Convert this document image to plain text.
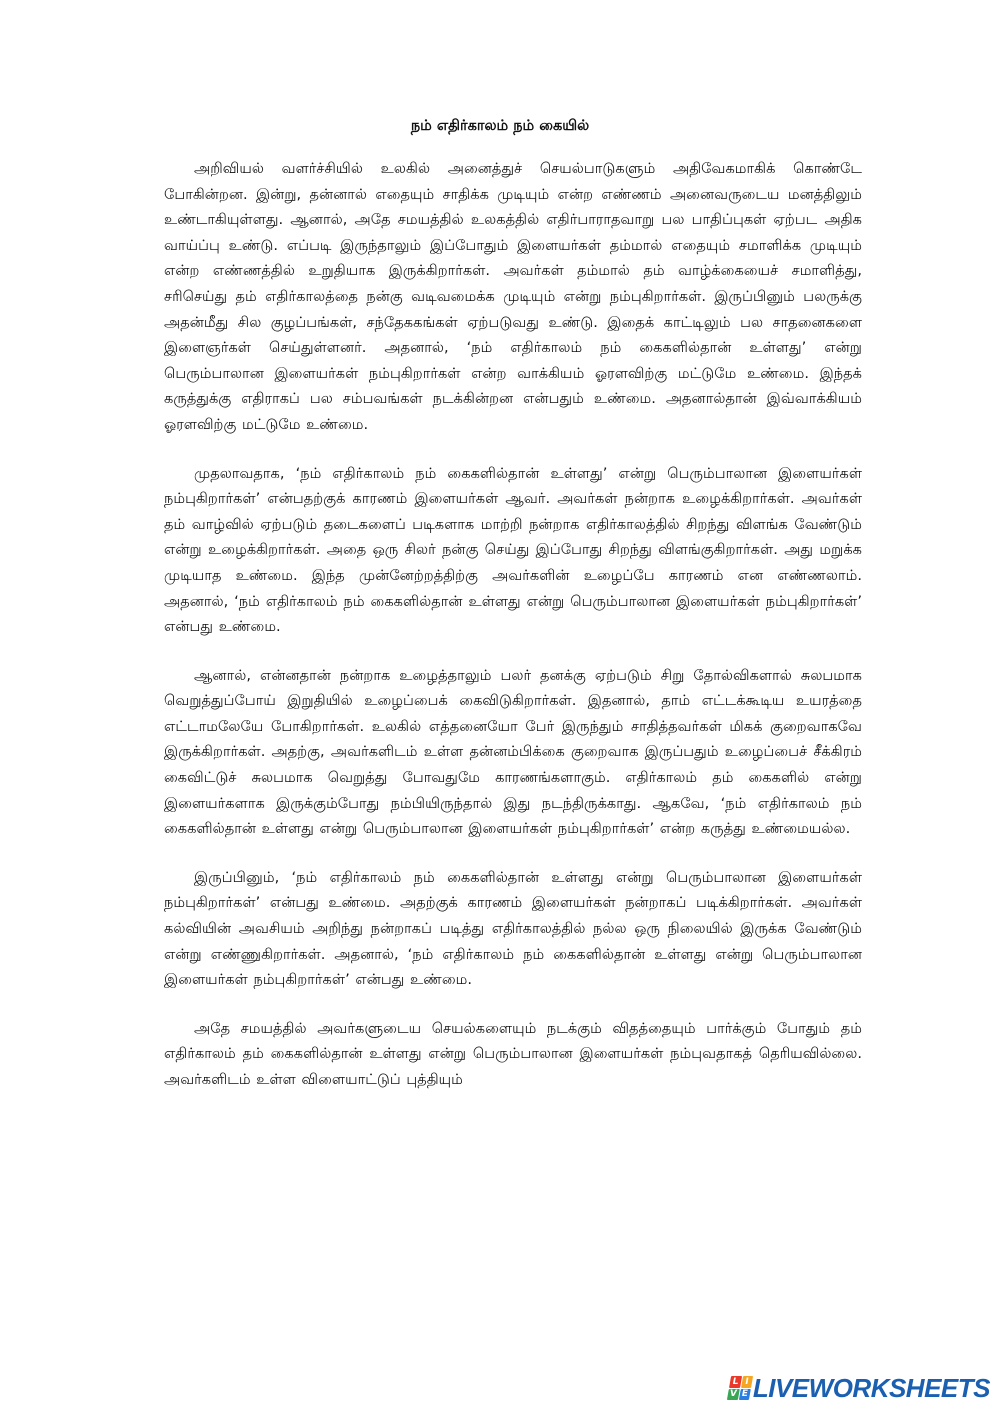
நம் எதிர்காலம் நம் கையில்

அறிவியல் வளர்ச்சியில் உலகில் அனைத்துச் செயல்பாடுகளும் அதிவேகமாகிக் கொண்டே போகின்றன. இன்று, தன்னால் எதையும் சாதிக்க முடியும் என்ற எண்ணம் அனைவருடைய மனத்திலும் உண்டாகியுள்ளது. ஆனால், அதே சமயத்தில் உலகத்தில் எதிர்பாராதவாறு பல பாதிப்புகள் ஏற்பட அதிக வாய்ப்பு உண்டு. எப்படி இருந்தாலும் இப்போதும் இளையர்கள் தம்மால் எதையும் சமாளிக்க முடியும் என்ற எண்ணத்தில் உறுதியாக இருக்கிறார்கள். அவர்கள் தம்மால் தம் வாழ்க்கையைச் சமாளித்து, சரிசெய்து தம் எதிர்காலத்தை நன்கு வடிவமைக்க முடியும் என்று நம்புகிறார்கள். இருப்பினும் பலருக்கு அதன்மீது சில குழப்பங்கள், சந்தேககங்கள் ஏற்படுவது உண்டு. இதைக் காட்டிலும் பல சாதனைகளை இளைஞர்கள் செய்துள்ளனர். அதனால், ‘நம் எதிர்காலம் நம் கைகளில்தான் உள்ளது’ என்று பெரும்பாலான இளையர்கள் நம்புகிறார்கள் என்ற வாக்கியம் ஓரளவிற்கு மட்டுமே உண்மை. இந்தக் கருத்துக்கு எதிராகப் பல சம்பவங்கள் நடக்கின்றன என்பதும் உண்மை. அதனால்தான் இவ்வாக்கியம் ஓரளவிற்கு மட்டுமே உண்மை.

முதலாவதாக, ‘நம் எதிர்காலம் நம் கைகளில்தான் உள்ளது’ என்று பெரும்பாலான இளையர்கள் நம்புகிறார்கள்’ என்பதற்குக் காரணம் இளையர்கள் ஆவர். அவர்கள் நன்றாக உழைக்கிறார்கள். அவர்கள் தம் வாழ்வில் ஏற்படும் தடைகளைப் படிகளாக மாற்றி நன்றாக எதிர்காலத்தில் சிறந்து விளங்க வேண்டும் என்று உழைக்கிறார்கள். அதை ஒரு சிலர் நன்கு செய்து இப்போது சிறந்து விளங்குகிறார்கள். அது மறுக்க முடியாத உண்மை. இந்த முன்னேற்றத்திற்கு அவர்களின் உழைப்பே காரணம் என எண்ணலாம். அதனால், ‘நம் எதிர்காலம் நம் கைகளில்தான் உள்ளது என்று பெரும்பாலான இளையர்கள் நம்புகிறார்கள்’ என்பது உண்மை.

ஆனால், என்னதான் நன்றாக உழைத்தாலும் பலர் தனக்கு ஏற்படும் சிறு தோல்விகளால் சுலபமாக வெறுத்துப்போய் இறுதியில் உழைப்பைக் கைவிடுகிறார்கள். இதனால், தாம் எட்டக்கூடிய உயரத்தை எட்டாமலேயே போகிறார்கள். உலகில் எத்தனையோ பேர் இருந்தும் சாதித்தவர்கள் மிகக் குறைவாகவே இருக்கிறார்கள். அதற்கு, அவர்களிடம் உள்ள தன்னம்பிக்கை குறைவாக இருப்பதும் உழைப்பைச் சீக்கிரம் கைவிட்டுச் சுலபமாக வெறுத்து போவதுமே காரணங்களாகும். எதிர்காலம் தம் கைகளில் என்று இளையர்களாக இருக்கும்போது நம்பியிருந்தால் இது நடந்திருக்காது. ஆகவே, ‘நம் எதிர்காலம் நம் கைகளில்தான் உள்ளது என்று பெரும்பாலான இளையர்கள் நம்புகிறார்கள்’ என்ற கருத்து உண்மையல்ல.

இருப்பினும், ‘நம் எதிர்காலம் நம் கைகளில்தான் உள்ளது என்று பெரும்பாலான இளையர்கள் நம்புகிறார்கள்’ என்பது உண்மை. அதற்குக் காரணம் இளையர்கள் நன்றாகப் படிக்கிறார்கள். அவர்கள் கல்வியின் அவசியம் அறிந்து நன்றாகப் படித்து எதிர்காலத்தில் நல்ல ஒரு நிலையில் இருக்க வேண்டும் என்று எண்ணுகிறார்கள். அதனால், ‘நம் எதிர்காலம் நம் கைகளில்தான் உள்ளது என்று பெரும்பாலான இளையர்கள் நம்புகிறார்கள்’ என்பது உண்மை.

அதே சமயத்தில் அவர்களுடைய செயல்களையும் நடக்கும் விதத்தையும் பார்க்கும் போதும் தம் எதிர்காலம் தம் கைகளில்தான் உள்ளது என்று பெரும்பாலான இளையர்கள் நம்புவதாகத் தெரியவில்லை. அவர்களிடம் உள்ள விளையாட்டுப் புத்தியும்

L I
V E LIVEWORKSHEETS
